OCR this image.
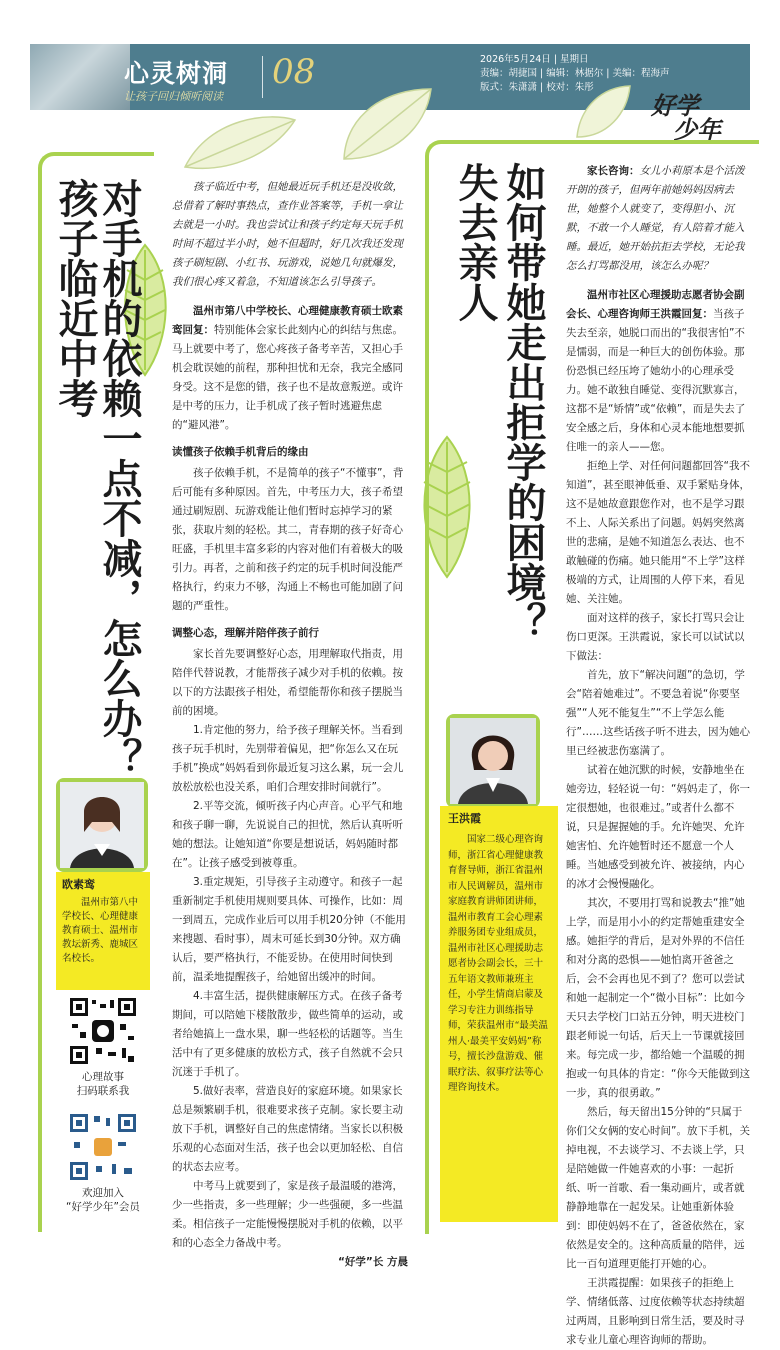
心灵树洞
让孩子回归倾听阅读
08	2026年5月24日 | 星期日
责编：胡捷国 | 编辑：林据尔 | 美编：程海声
版式：朱潇潇 | 校对：朱彤
好学
少年
对手机的依赖一点不减，怎么办？
孩子临近中考
欧素鸾
温州市第八中学校长、心理健康教育硕士、温州市教坛新秀、鹿城区名校长。
心理故事
扫码联系我
欢迎加入
“好学少年”会员

孩子临近中考，但她最近玩手机还是没收敛，总借着了解时事热点，查作业答案等，手机一拿让去就是一小时。我也尝试让和孩子约定每天玩手机时间不超过半小时，她不但超时，好几次我还发现孩子刷短剧、小红书、玩游戏，说她几句就爆发，我们很心疼又着急，不知道该怎么引导孩子。

温州市第八中学校长、心理健康教育硕士欧素鸾回复：特别能体会家长此刻内心的纠结与焦虑。马上就要中考了，您心疼孩子备考辛苦，又担心手机会耽误她的前程，那种担忧和无奈，我完全感同身受。这不是您的错，孩子也不是故意叛逆。或许是中考的压力，让手机成了孩子暂时逃避焦虑的“避风港”。

读懂孩子依赖手机背后的缘由

孩子依赖手机，不是简单的孩子“不懂事”，背后可能有多种原因。首先，中考压力大，孩子希望通过刷短剧、玩游戏能让他们暂时忘掉学习的紧张，获取片刻的轻松。其二，青春期的孩子好奇心旺盛，手机里丰富多彩的内容对他们有着极大的吸引力。再者，之前和孩子约定的玩手机时间没能严格执行，约束力不够，沟通上不畅也可能加剧了问题的严重性。

调整心态，理解并陪伴孩子前行

家长首先要调整好心态，用理解取代指责，用陪伴代替说教，才能帮孩子减少对手机的依赖。按以下的方法跟孩子相处，希望能帮你和孩子摆脱当前的困境。

1.肯定他的努力，给予孩子理解关怀。当看到孩子玩手机时，先别带着偏见，把“你怎么又在玩手机”换成“妈妈看到你最近复习这么累，玩一会儿放松放松也没关系，咱们合理安排时间就行”。

2.平等交流，倾听孩子内心声音。心平气和地和孩子聊一聊，先说说自己的担忧，然后认真听听她的想法。让她知道“你要是想说话，妈妈随时都在”。让孩子感受到被尊重。

3.重定规矩，引导孩子主动遵守。和孩子一起重新制定手机使用规则要具体、可操作，比如：周一到周五，完成作业后可以用手机20分钟（不能用来搜题、看时事），周末可延长到30分钟。双方确认后，要严格执行，不能妥协。在使用时间快到前，温柔地提醒孩子，给她留出缓冲的时间。

4.丰富生活，提供健康解压方式。在孩子备考期间，可以陪她下楼散散步，做些简单的运动，或者给她搞上一盘水果，聊一些轻松的话题等。当生活中有了更多健康的放松方式，孩子自然就不会只沉迷于手机了。

5.做好表率，营造良好的家庭环境。如果家长总是频繁刷手机，很难要求孩子克制。家长要主动放下手机，调整好自己的焦虑情绪。当家长以积极乐观的心态面对生活，孩子也会以更加轻松、自信的状态去应考。

中考马上就要到了，家是孩子最温暖的港湾，少一些指责，多一些理解；少一些强硬，多一些温柔。相信孩子一定能慢慢摆脱对手机的依赖，以平和的心态全力备战中考。

“好学”长 方晨

如何带她走出拒学的困境？
失去亲人
王洪霞
国家二级心理咨询师，浙江省心理健康教育督导师，浙江省温州市人民调解员，温州市家庭教育讲师团讲师，温州市教育工会心理素养服务团专业组成员，温州市社区心理援助志愿者协会副会长，三十五年语文教师兼班主任，小学生情商启蒙及学习专注力训练指导师，荣获温州市“最美温州人·最美平安妈妈”称号，擅长沙盘游戏、催眠疗法、叙事疗法等心理咨询技术。

家长咨询：女儿小莉原本是个活泼开朗的孩子，但两年前她妈妈因病去世，她整个人就变了，变得胆小、沉默，不敢一个人睡觉，有人陪着才能入睡。最近，她开始抗拒去学校，无论我怎么打骂都没用，该怎么办呢？

温州市社区心理援助志愿者协会副会长、心理咨询师王洪霞回复：当孩子失去至亲，她脱口而出的“我很害怕”不是懦弱，而是一种巨大的创伤体验。那份恐惧已经压垮了她幼小的心理承受力。她不敢独自睡觉、变得沉默寡言，这都不是“矫情”或“依赖”，而是失去了安全感之后，身体和心灵本能地想要抓住唯一的亲人——您。

拒绝上学、对任何问题都回答“我不知道”，甚至眼神低垂、双手紧贴身体，这不是她故意跟您作对，也不是学习跟不上、人际关系出了问题。妈妈突然离世的悲痛，是她不知道怎么表达、也不敢触碰的伤痛。她只能用“不上学”这样极端的方式，让周围的人停下来，看见她、关注她。

面对这样的孩子，家长打骂只会让伤口更深。王洪霞说，家长可以试试以下做法：

首先，放下“解决问题”的急切，学会“陪着她难过”。不要急着说“你要坚强”“人死不能复生”“不上学怎么能行”……这些话孩子听不进去，因为她心里已经被悲伤塞满了。

试着在她沉默的时候，安静地坐在她旁边，轻轻说一句：“妈妈走了，你一定很想她，也很难过。”或者什么都不说，只是握握她的手。允许她哭、允许她害怕、允许她暂时还不愿意一个人睡。当她感受到被允许、被接纳，内心的冰才会慢慢融化。

其次，不要用打骂和说教去“推”她上学，而是用小小的约定帮她重建安全感。她拒学的背后，是对外界的不信任和对分离的恐惧——她怕离开爸爸之后，会不会再也见不到了？您可以尝试和她一起制定一个“微小目标”：比如今天只去学校门口站五分钟，明天进校门跟老师说一句话，后天上一节课就接回来。每完成一步，都给她一个温暖的拥抱或一句具体的肯定：“你今天能做到这一步，真的很勇敢。”

然后，每天留出15分钟的“只属于你们父女俩的安心时间”。放下手机，关掉电视，不去谈学习、不去谈上学，只是陪她做一件她喜欢的小事：一起折纸、听一首歌、看一集动画片，或者就静静地靠在一起发呆。让她重新体验到：即使妈妈不在了，爸爸依然在，家依然是安全的。这种高质量的陪伴，远比一百句道理更能打开她的心。

王洪霞提醒：如果孩子的拒绝上学、情绪低落、过度依赖等状态持续超过两周，且影响到日常生活，要及时寻求专业儿童心理咨询师的帮助。
